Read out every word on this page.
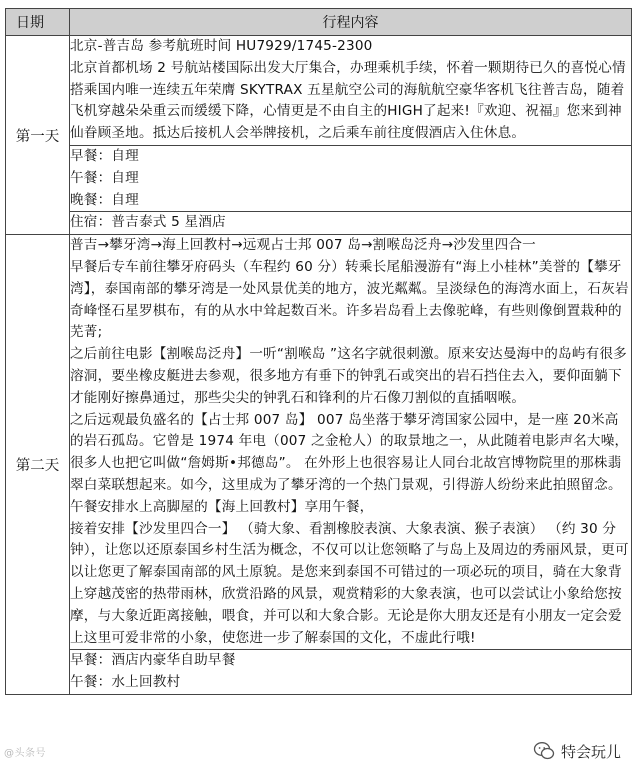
日期	行程内容
第一天	北京-普吉岛 参考航班时间 HU7929/1745-2300

北京首都机场 2 号航站楼国际出发大厅集合，办理乘机手续，怀着一颗期待已久的喜悦心情搭乘国内唯一连续五年荣膺 SKYTRAX 五星航空公司的海航航空豪华客机飞往普吉岛，随着飞机穿越朵朵重云而缓缓下降，心情更是不由自主的HIGH了起来!『欢迎、祝福』您来到神仙眷顾圣地。抵达后接机人会举牌接机，之后乘车前往度假酒店入住休息。

	早餐：自理

午餐：自理

晚餐：自理

	住宿：普吉泰式 5 星酒店
第二天	普吉→攀牙湾→海上回教村→远观占士邦 007 岛→割喉岛泛舟→沙发里四合一

早餐后专车前往攀牙府码头（车程约 60 分）转乘长尾船漫游有“海上小桂林”美誉的【攀牙湾】，泰国南部的攀牙湾是一处风景优美的地方，波光粼粼。呈淡绿色的海湾水面上，石灰岩奇峰怪石星罗棋布，有的从水中耸起数百米。许多岩岛看上去像驼峰，有些则像倒置栽种的芜菁;

之后前往电影【割喉岛泛舟】一听“割喉岛 ”这名字就很刺激。原来安达曼海中的岛屿有很多溶洞，要坐橡皮艇进去参观，很多地方有垂下的钟乳石或突出的岩石挡住去入，要仰面躺下才能刚好擦鼻通过，那些尖尖的钟乳石和锋利的片石像刀割似的直插咽喉。

之后远观最负盛名的【占士邦 007 岛】 007 岛坐落于攀牙湾国家公园中，是一座 20米高的岩石孤岛。它曾是 1974 年电（007 之金枪人）的取景地之一，从此随着电影声名大噪，很多人也把它叫做“詹姆斯•邦德岛”。 在外形上也很容易让人同台北故宫博物院里的那株翡翠白菜联想起来。如今，这里成为了攀牙湾的一个热门景观，引得游人纷纷来此拍照留念。午餐安排水上高脚屋的【海上回教村】享用午餐，

接着安排【沙发里四合一】 （骑大象、看割橡胶表演、大象表演、猴子表演） （约 30 分钟），让您以还原泰国乡村生活为概念，不仅可以让您领略了与岛上及周边的秀丽风景，更可以让您更了解泰国南部的风土原貌。是您来到泰国不可错过的一项必玩的项目，骑在大象背上穿越茂密的热带雨林，欣赏沿路的风景，观赏精彩的大象表演，也可以尝试让小象给您按摩，与大象近距离接触，喂食，并可以和大象合影。无论是你大朋友还是有小朋友一定会爱上这里可爱非常的小象，使您进一步了解泰国的文化，不虚此行哦!

	早餐：酒店内豪华自助早餐

午餐：水上回教村

@头条号	特会玩儿
